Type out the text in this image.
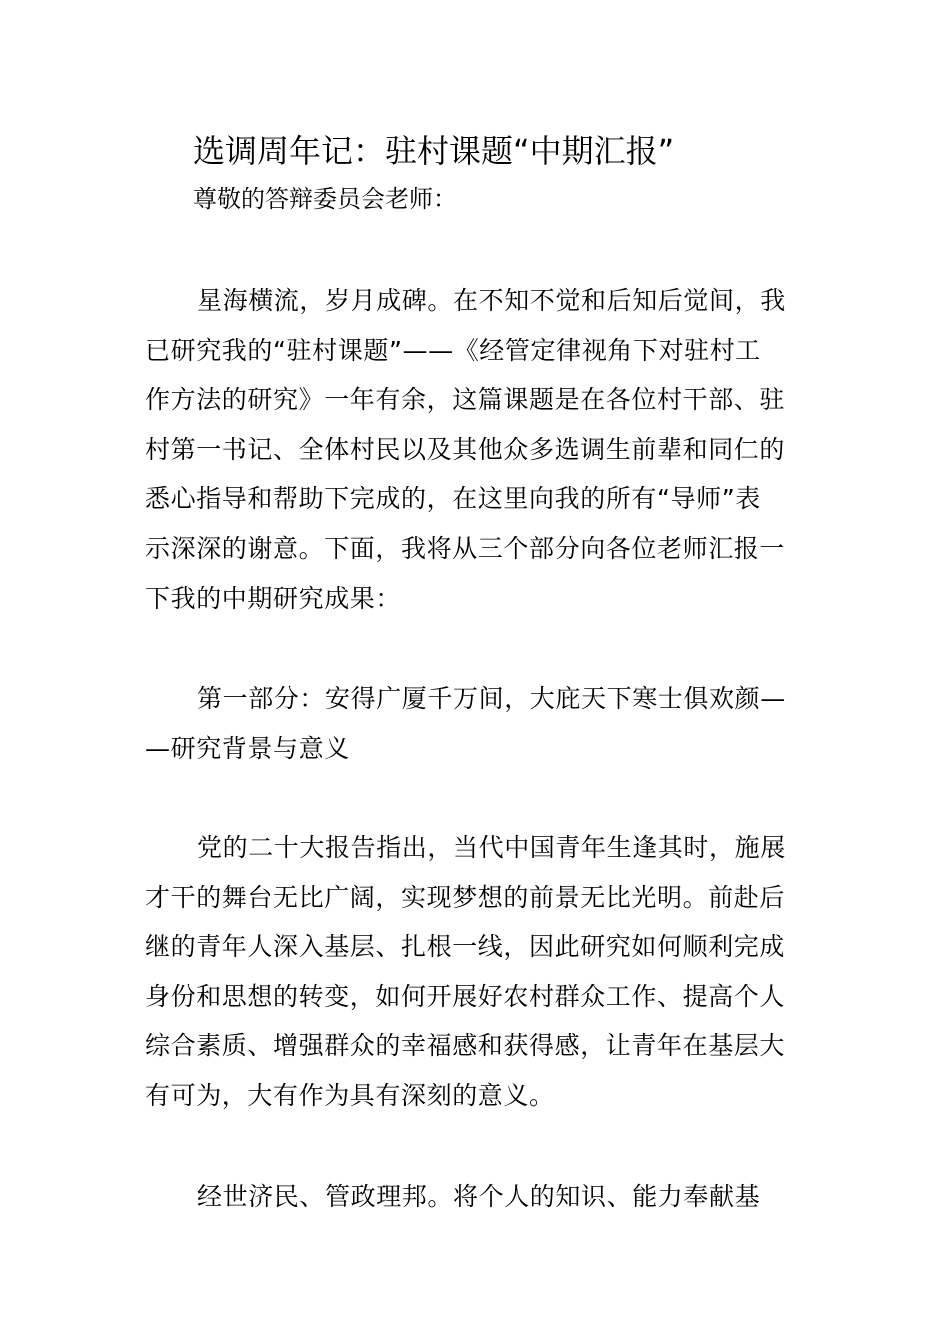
选调周年记：驻村课题“中期汇报”
尊敬的答辩委员会老师：
星海横流，岁月成碑。在不知不觉和后知后觉间，我
已研究我的“驻村课题”——《经管定律视角下对驻村工
作方法的研究》一年有余，这篇课题是在各位村干部、驻
村第一书记、全体村民以及其他众多选调生前辈和同仁的
悉心指导和帮助下完成的，在这里向我的所有“导师”表
示深深的谢意。下面，我将从三个部分向各位老师汇报一
下我的中期研究成果：
第一部分：安得广厦千万间，大庇天下寒士俱欢颜—
—研究背景与意义
党的二十大报告指出，当代中国青年生逢其时，施展
才干的舞台无比广阔，实现梦想的前景无比光明。前赴后
继的青年人深入基层、扎根一线，因此研究如何顺利完成
身份和思想的转变，如何开展好农村群众工作、提高个人
综合素质、增强群众的幸福感和获得感，让青年在基层大
有可为，大有作为具有深刻的意义。
经世济民、管政理邦。将个人的知识、能力奉献基
